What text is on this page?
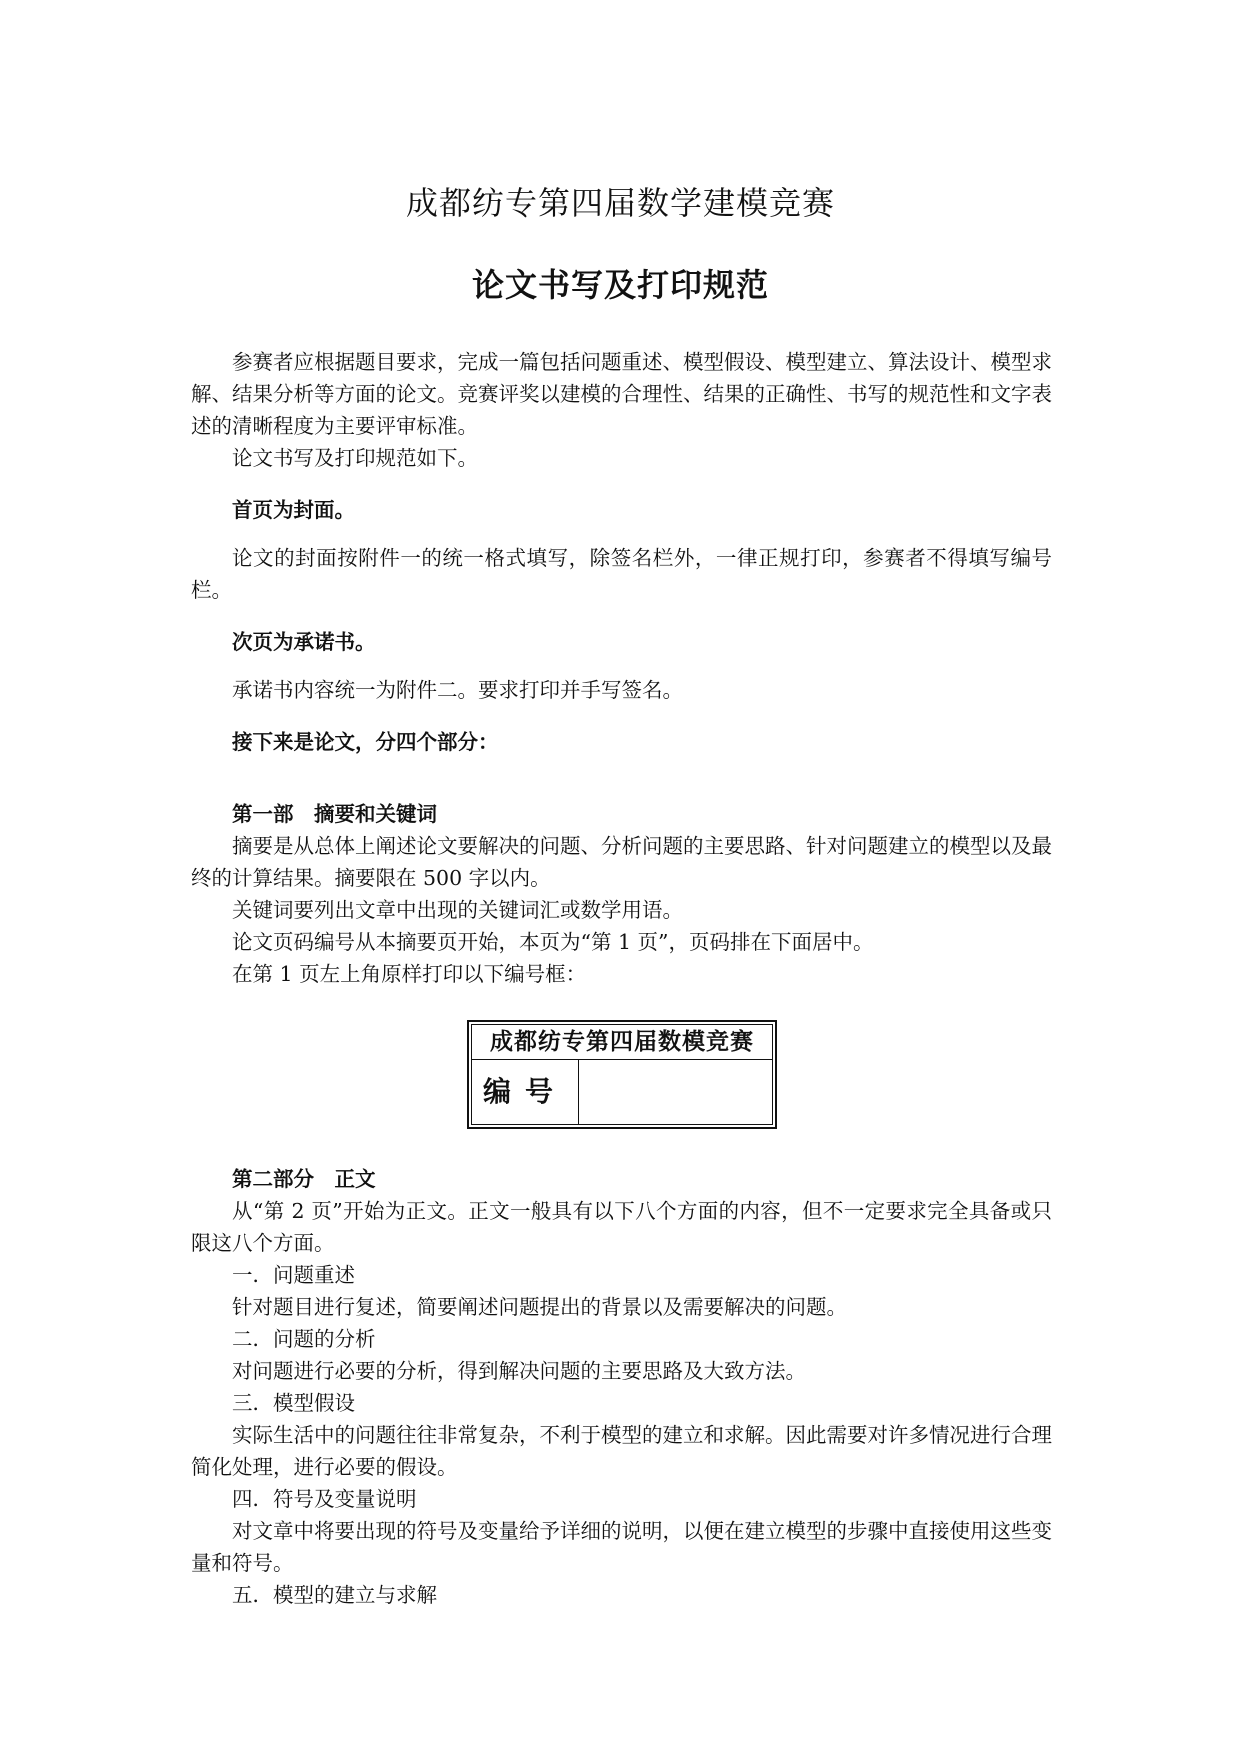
成都纺专第四届数学建模竞赛
论文书写及打印规范

参赛者应根据题目要求，完成一篇包括问题重述、模型假设、模型建立、算法设计、模型求解、结果分析等方面的论文。竞赛评奖以建模的合理性、结果的正确性、书写的规范性和文字表述的清晰程度为主要评审标准。

论文书写及打印规范如下。

首页为封面。

论文的封面按附件一的统一格式填写，除签名栏外，一律正规打印，参赛者不得填写编号栏。

次页为承诺书。

承诺书内容统一为附件二。要求打印并手写签名。

接下来是论文，分四个部分：

第一部　摘要和关键词

摘要是从总体上阐述论文要解决的问题、分析问题的主要思路、针对问题建立的模型以及最终的计算结果。摘要限在 500 字以内。

关键词要列出文章中出现的关键词汇或数学用语。

论文页码编号从本摘要页开始，本页为“第 1 页”，页码排在下面居中。

在第 1 页左上角原样打印以下编号框：

成都纺专第四届数模竞赛
编号	

第二部分　正文

从“第 2 页”开始为正文。正文一般具有以下八个方面的内容，但不一定要求完全具备或只限这八个方面。

一．问题重述

针对题目进行复述，简要阐述问题提出的背景以及需要解决的问题。

二．问题的分析

对问题进行必要的分析，得到解决问题的主要思路及大致方法。

三．模型假设

实际生活中的问题往往非常复杂，不利于模型的建立和求解。因此需要对许多情况进行合理简化处理，进行必要的假设。

四．符号及变量说明

对文章中将要出现的符号及变量给予详细的说明，以便在建立模型的步骤中直接使用这些变量和符号。

五．模型的建立与求解
